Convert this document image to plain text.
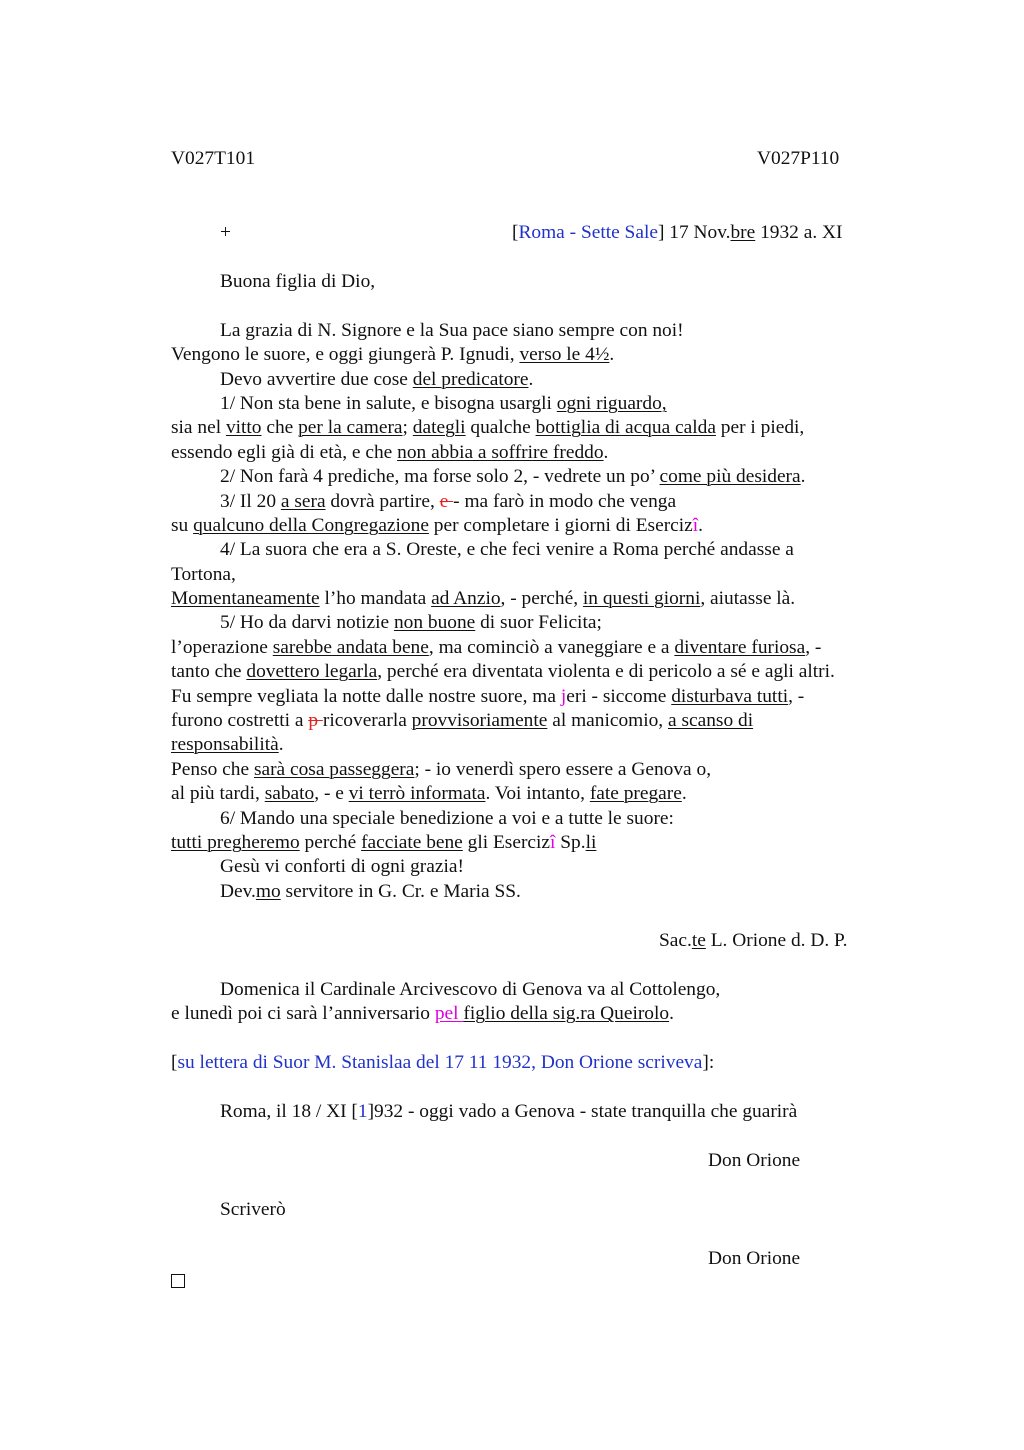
V027T101	V027P110
+	[Roma - Sette Sale] 17 Nov.bre 1932 a. XI
Buona figlia di Dio,
La grazia di N. Signore e la Sua pace siano sempre con noi!
Vengono le suore, e oggi giungerà P. Ignudi, verso le 4½.
Devo avvertire due cose del predicatore.
1/ Non sta bene in salute, e bisogna usargli ogni riguardo,
sia nel vitto che per la camera; dategli qualche bottiglia di acqua calda per i piedi,
essendo egli già di età, e che non abbia a soffrire freddo.
2/ Non farà 4 prediche, ma forse solo 2, - vedrete un po’ come più desidera.
3/ Il 20 a sera dovrà partire, e - ma farò in modo che venga
su qualcuno della Congregazione per completare i giorni di Esercizî.
4/ La suora che era a S. Oreste, e che feci venire a Roma perché andasse a
Tortona,
Momentaneamente l’ho mandata ad Anzio, - perché, in questi giorni, aiutasse là.
5/ Ho da darvi notizie non buone di suor Felicita;
l’operazione sarebbe andata bene, ma cominciò a vaneggiare e a diventare furiosa, -
tanto che dovettero legarla, perché era diventata violenta e di pericolo a sé e agli altri.
Fu sempre vegliata la notte dalle nostre suore, ma jeri - siccome disturbava tutti, -
furono costretti a p ricoverarla provvisoriamente al manicomio, a scanso di
responsabilità.
Penso che sarà cosa passeggera; - io venerdì spero essere a Genova o,
al più tardi, sabato, - e vi terrò informata. Voi intanto, fate pregare.
6/ Mando una speciale benedizione a voi e a tutte le suore:
tutti pregheremo perché facciate bene gli Esercizî Sp.li
Gesù vi conforti di ogni grazia!
Dev.mo servitore in G. Cr. e Maria SS.
Sac.te L. Orione d. D. P.
Domenica il Cardinale Arcivescovo di Genova va al Cottolengo,
e lunedì poi ci sarà l’anniversario pel figlio della sig.ra Queirolo.
[su lettera di Suor M. Stanislaa del 17 11 1932, Don Orione scriveva]:
Roma, il 18 / XI [1]932 - oggi vado a Genova - state tranquilla che guarirà
Don Orione
Scriverò
Don Orione
